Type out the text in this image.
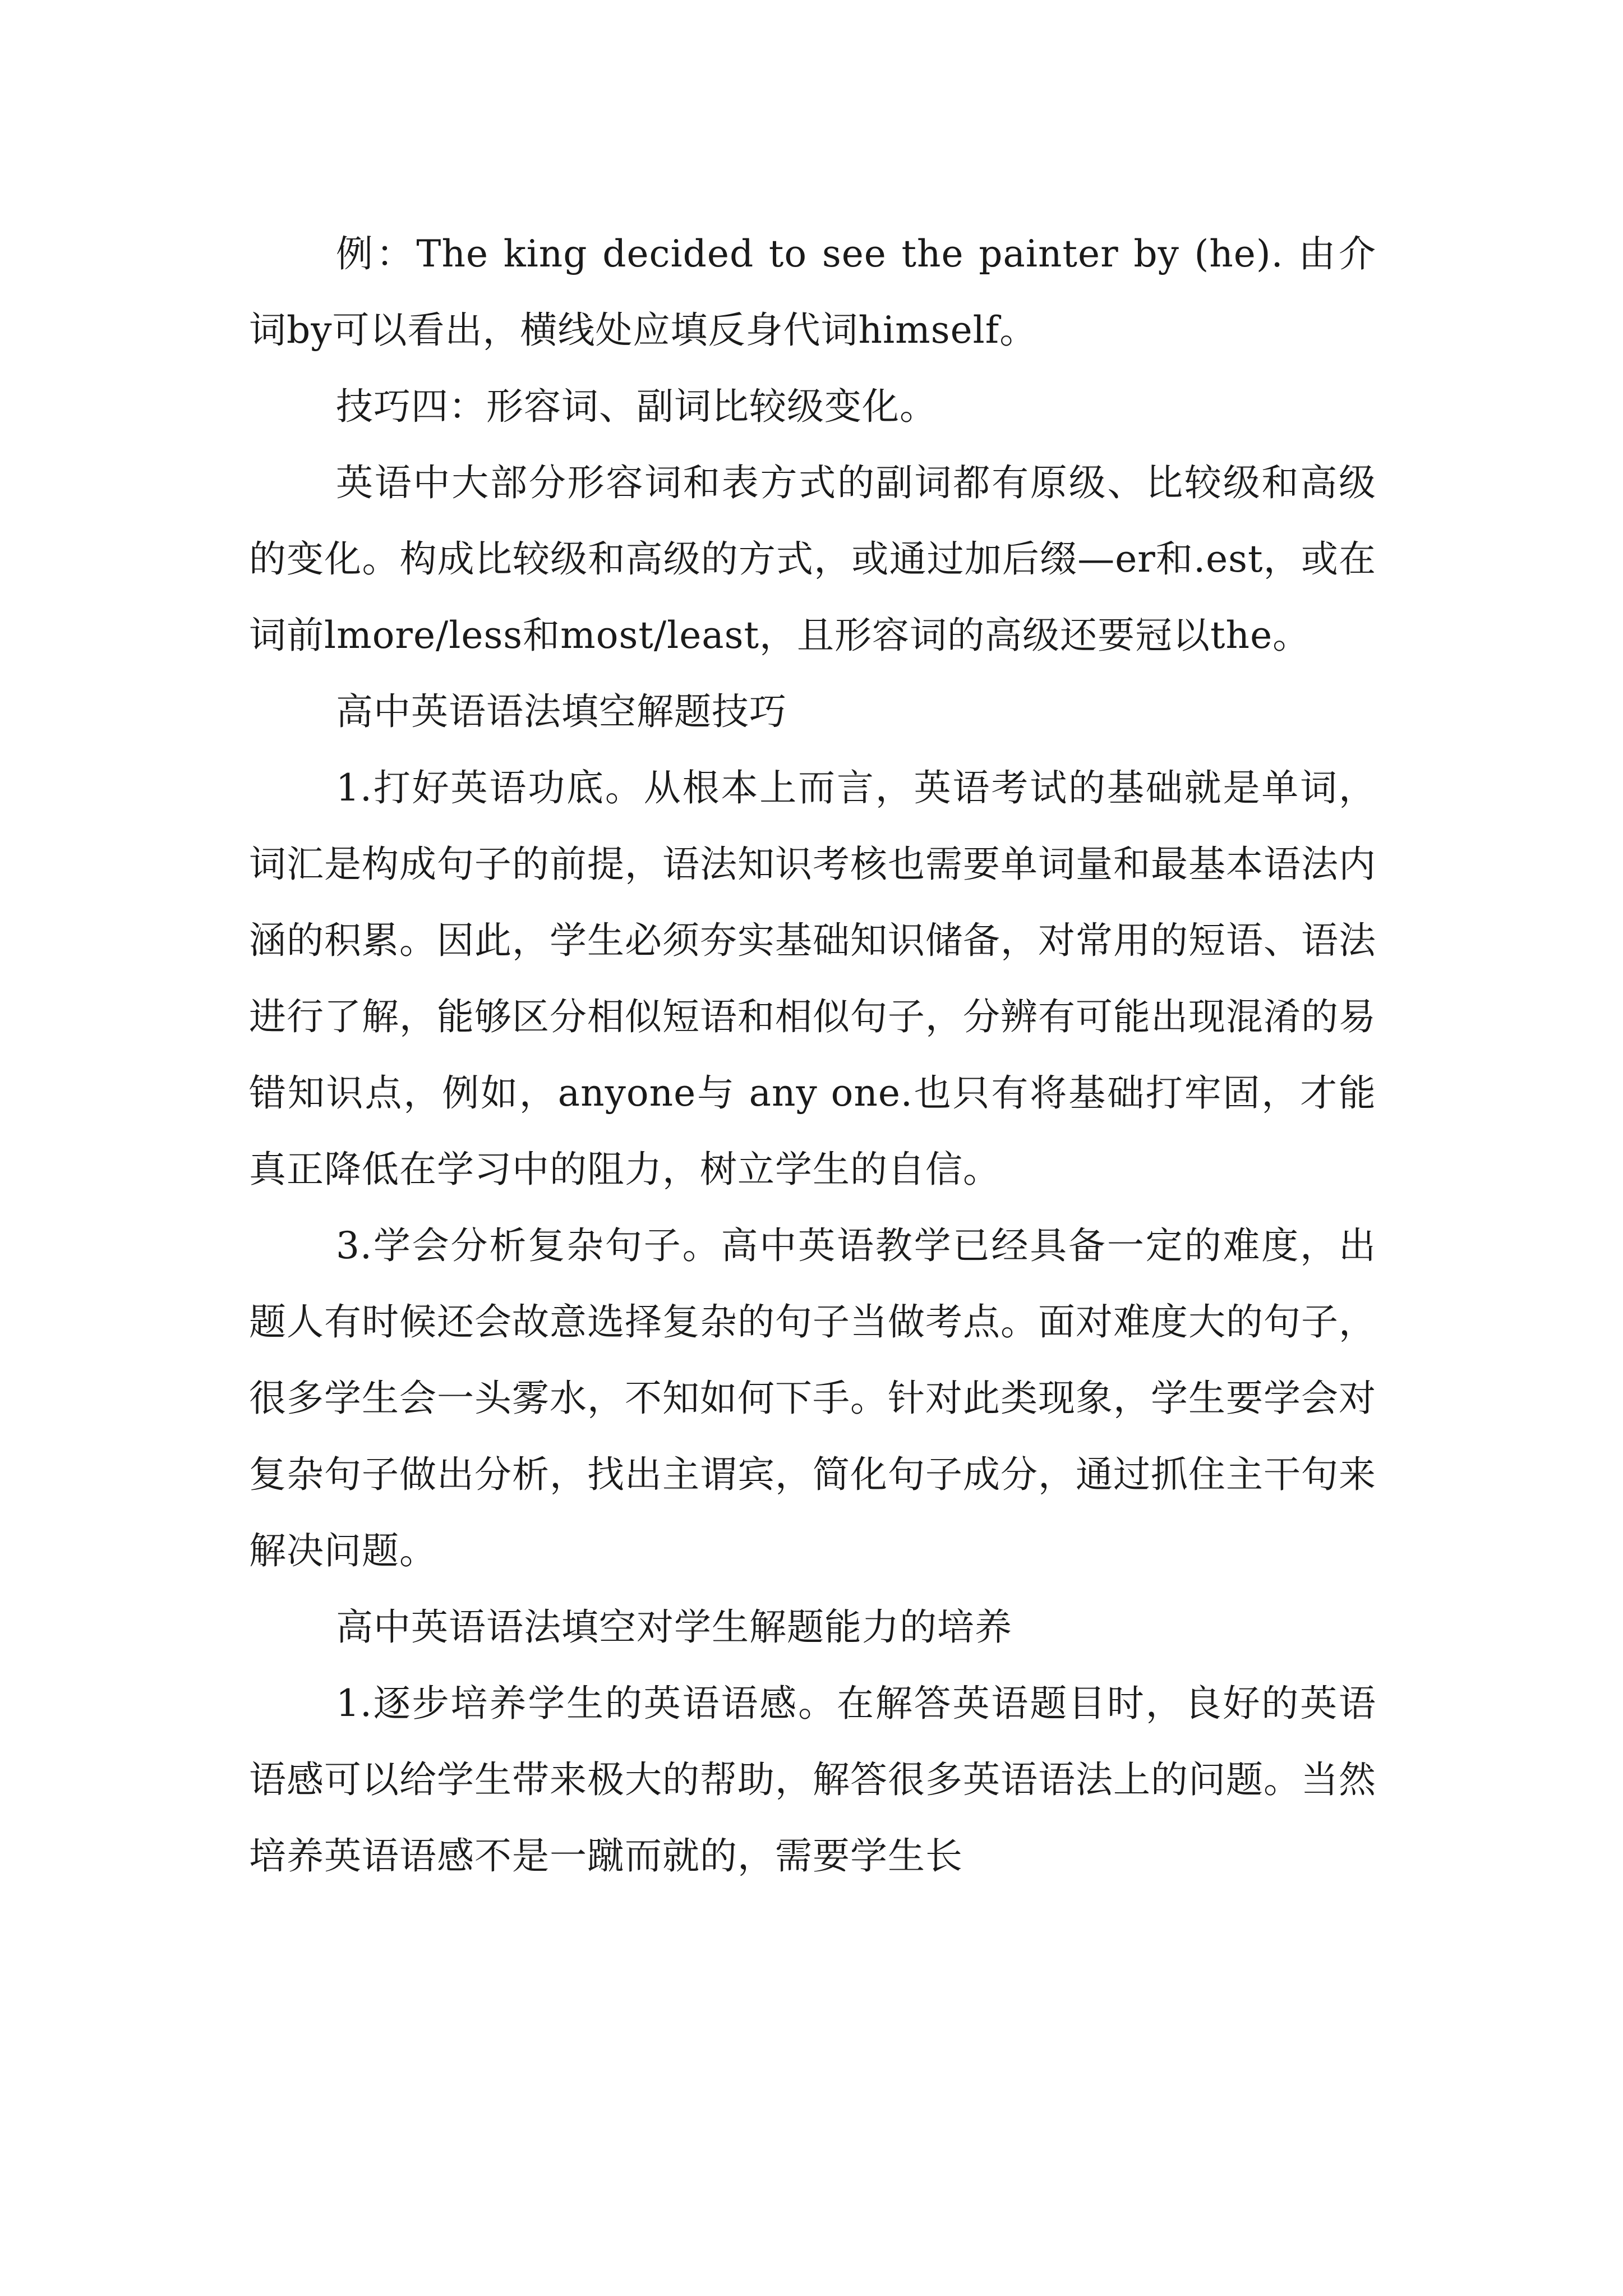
例：The king decided to see the painter by (he). 由介词by可以看出，横线处应填反身代词himself。

技巧四：形容词、副词比较级变化。

英语中大部分形容词和表方式的副词都有原级、比较级和高级的变化。构成比较级和高级的方式，或通过加后缀—er和.est，或在词前lmore/less和most/least，且形容词的高级还要冠以the。

高中英语语法填空解题技巧

1.打好英语功底。从根本上而言，英语考试的基础就是单词，词汇是构成句子的前提，语法知识考核也需要单词量和最基本语法内涵的积累。因此，学生必须夯实基础知识储备，对常用的短语、语法进行了解，能够区分相似短语和相似句子，分辨有可能出现混淆的易错知识点，例如，anyone与 any one.也只有将基础打牢固，才能真正降低在学习中的阻力，树立学生的自信。

3.学会分析复杂句子。高中英语教学已经具备一定的难度，出题人有时候还会故意选择复杂的句子当做考点。面对难度大的句子，很多学生会一头雾水，不知如何下手。针对此类现象，学生要学会对复杂句子做出分析，找出主谓宾，简化句子成分，通过抓住主干句来解决问题。

高中英语语法填空对学生解题能力的培养

1.逐步培养学生的英语语感。在解答英语题目时，良好的英语语感可以给学生带来极大的帮助，解答很多英语语法上的问题。当然培养英语语感不是一蹴而就的，需要学生长
